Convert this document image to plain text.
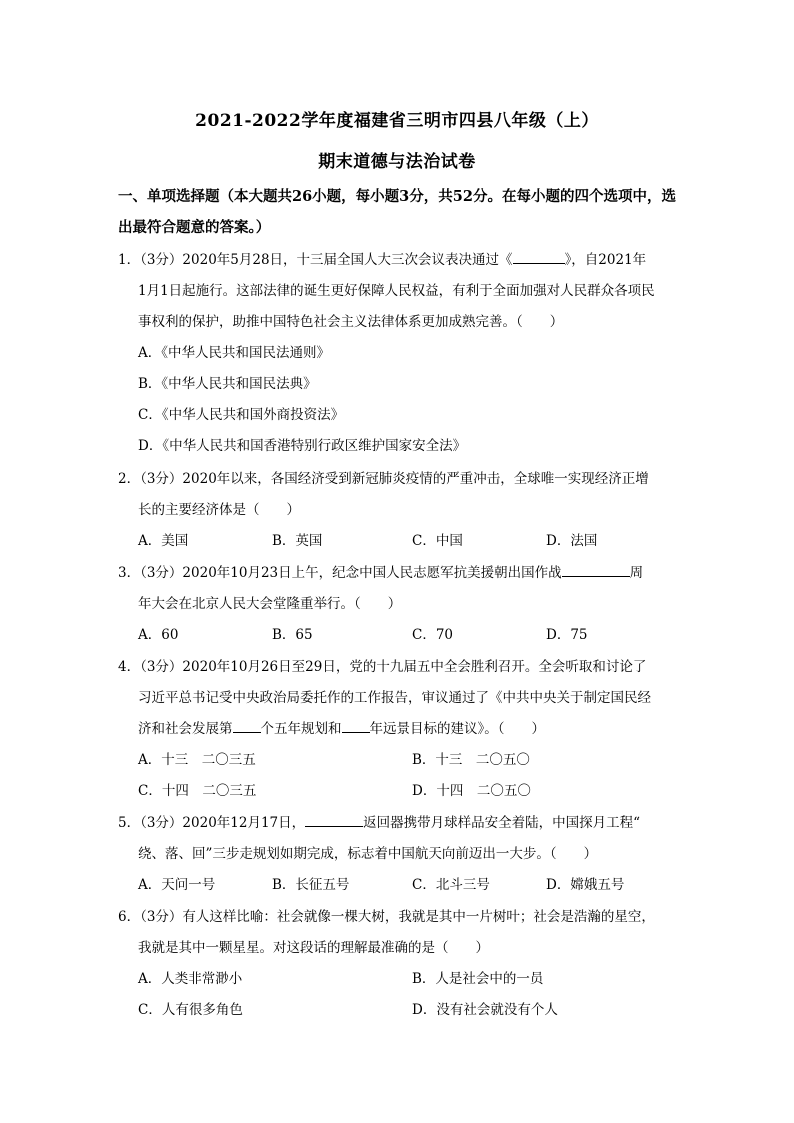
2021-2022学年度福建省三明市四县八年级（上）
期末道德与法治试卷
一、单项选择题（本大题共26小题，每小题3分，共52分。在每小题的四个选项中，选
出最符合题意的答案。）
1．（3分）2020年5月28日，十三届全国人大三次会议表决通过《	》，自2021年
1月1日起施行。这部法律的诞生更好保障人民权益，有利于全面加强对人民群众各项民
事权利的保护，助推中国特色社会主义法律体系更加成熟完善。（　　）
A．《中华人民共和国民法通则》
B．《中华人民共和国民法典》
C．《中华人民共和国外商投资法》
D．《中华人民共和国香港特别行政区维护国家安全法》
2．（3分）2020年以来，各国经济受到新冠肺炎疫情的严重冲击，全球唯一实现经济正增
长的主要经济体是（　　）
A．美国	B．英国	C．中国	D．法国
3．（3分）2020年10月23日上午，纪念中国人民志愿军抗美援朝出国作战	周
年大会在北京人民大会堂隆重举行。（　　）
A．60	B．65	C．70	D．75
4．（3分）2020年10月26日至29日，党的十九届五中全会胜利召开。全会听取和讨论了
习近平总书记受中央政治局委托作的工作报告，审议通过了《中共中央关于制定国民经
济和社会发展第 个五年规划和 年远景目标的建议》。（　　）
A．十三　二〇三五	B．十三　二〇五〇
C．十四　二〇三五	D．十四　二〇五〇
5．（3分）2020年12月17日，	返回器携带月球样品安全着陆，中国探月工程“
绕、落、回”三步走规划如期完成，标志着中国航天向前迈出一大步。（　　）
A．天问一号	B．长征五号	C．北斗三号	D．嫦娥五号
6．（3分）有人这样比喻：社会就像一棵大树，我就是其中一片树叶；社会是浩瀚的星空，
我就是其中一颗星星。对这段话的理解最准确的是（　　）
A．人类非常渺小	B．人是社会中的一员
C．人有很多角色	D．没有社会就没有个人
